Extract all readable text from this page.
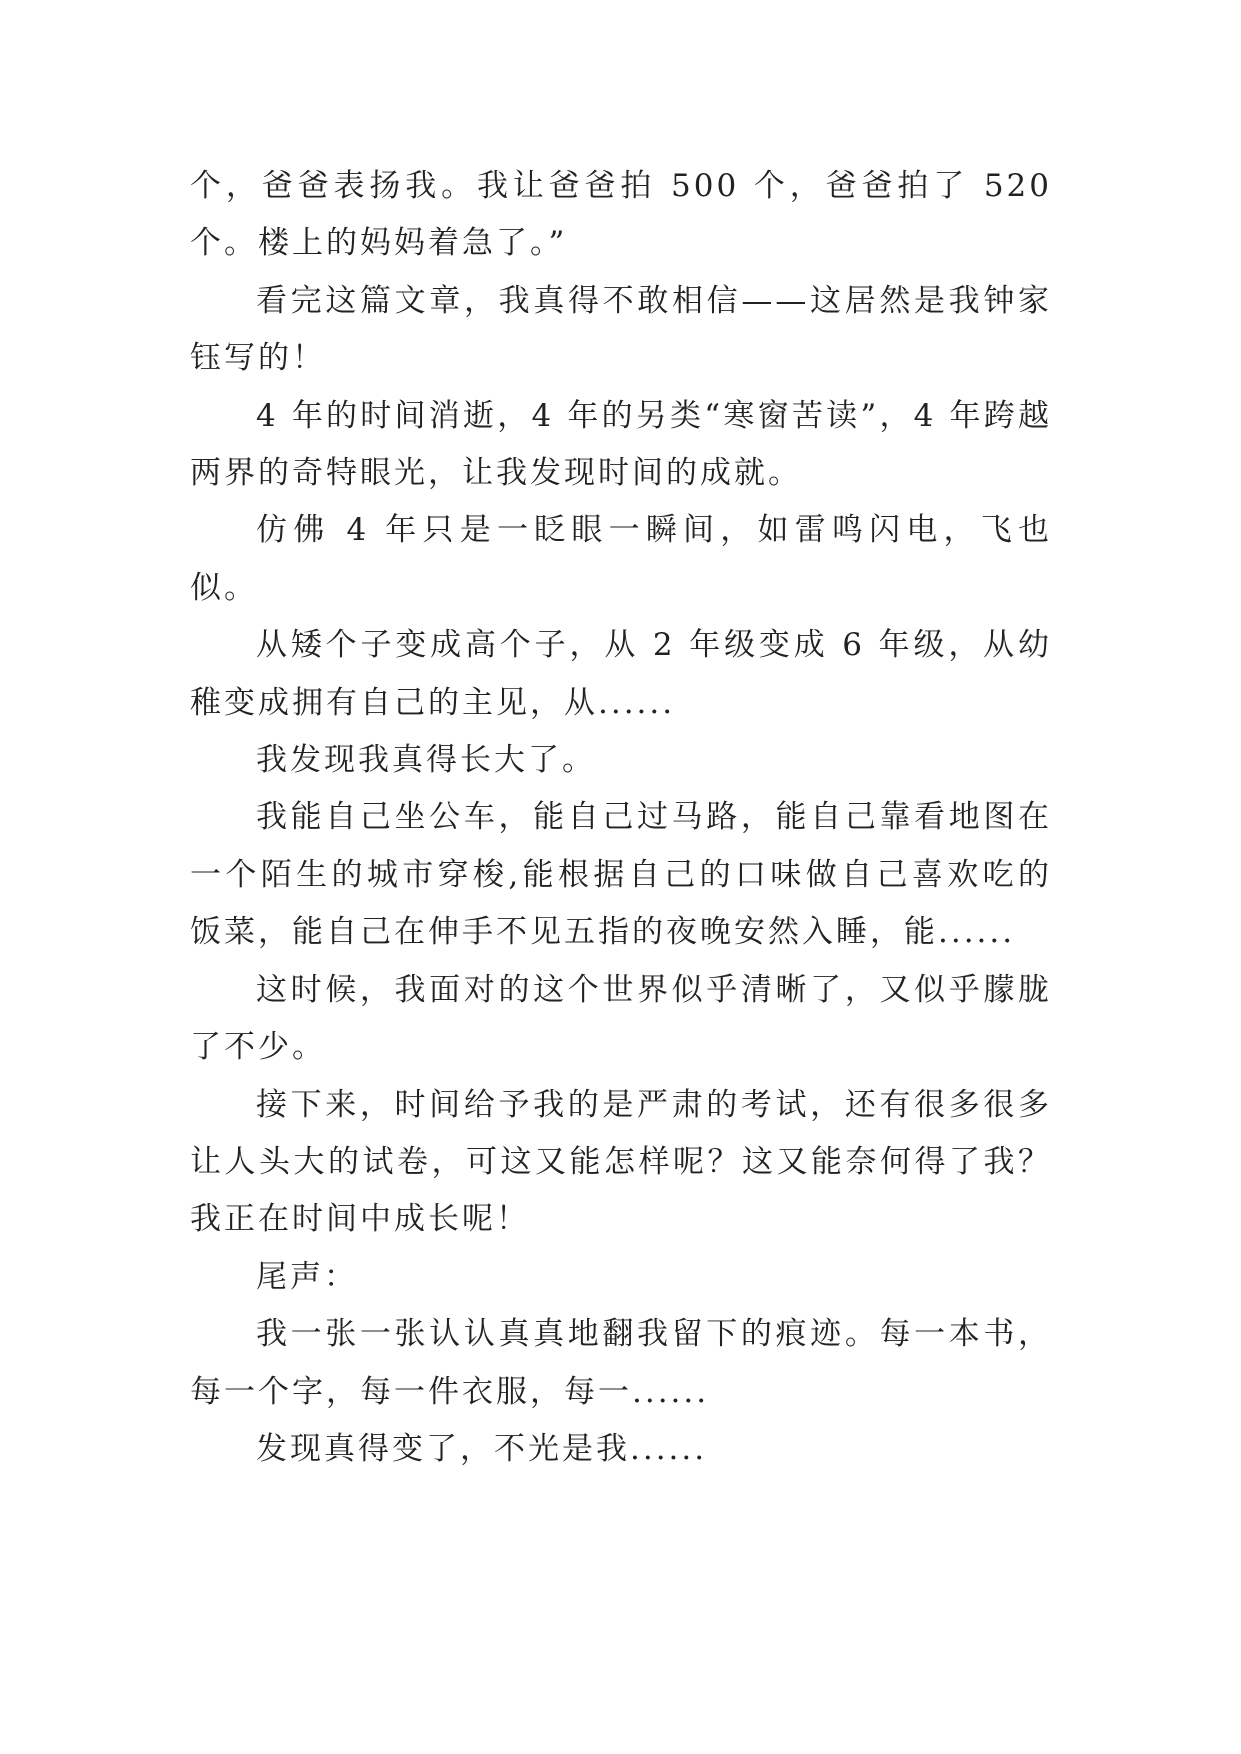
个，爸爸表扬我。我让爸爸拍 500 个，爸爸拍了 520 个。楼上的妈妈着急了。”

看完这篇文章，我真得不敢相信——这居然是我钟家钰写的！

4 年的时间消逝，4 年的另类“寒窗苦读”，4 年跨越两界的奇特眼光，让我发现时间的成就。

仿佛 4 年只是一眨眼一瞬间，如雷鸣闪电，飞也似。

从矮个子变成高个子，从 2 年级变成 6 年级，从幼稚变成拥有自己的主见，从......

我发现我真得长大了。

我能自己坐公车，能自己过马路，能自己靠看地图在一个陌生的城市穿梭,能根据自己的口味做自己喜欢吃的饭菜，能自己在伸手不见五指的夜晚安然入睡，能......

这时候，我面对的这个世界似乎清晰了，又似乎朦胧了不少。

接下来，时间给予我的是严肃的考试，还有很多很多让人头大的试卷，可这又能怎样呢？这又能奈何得了我？我正在时间中成长呢！

尾声：

我一张一张认认真真地翻我留下的痕迹。每一本书，每一个字，每一件衣服，每一......

发现真得变了，不光是我......
